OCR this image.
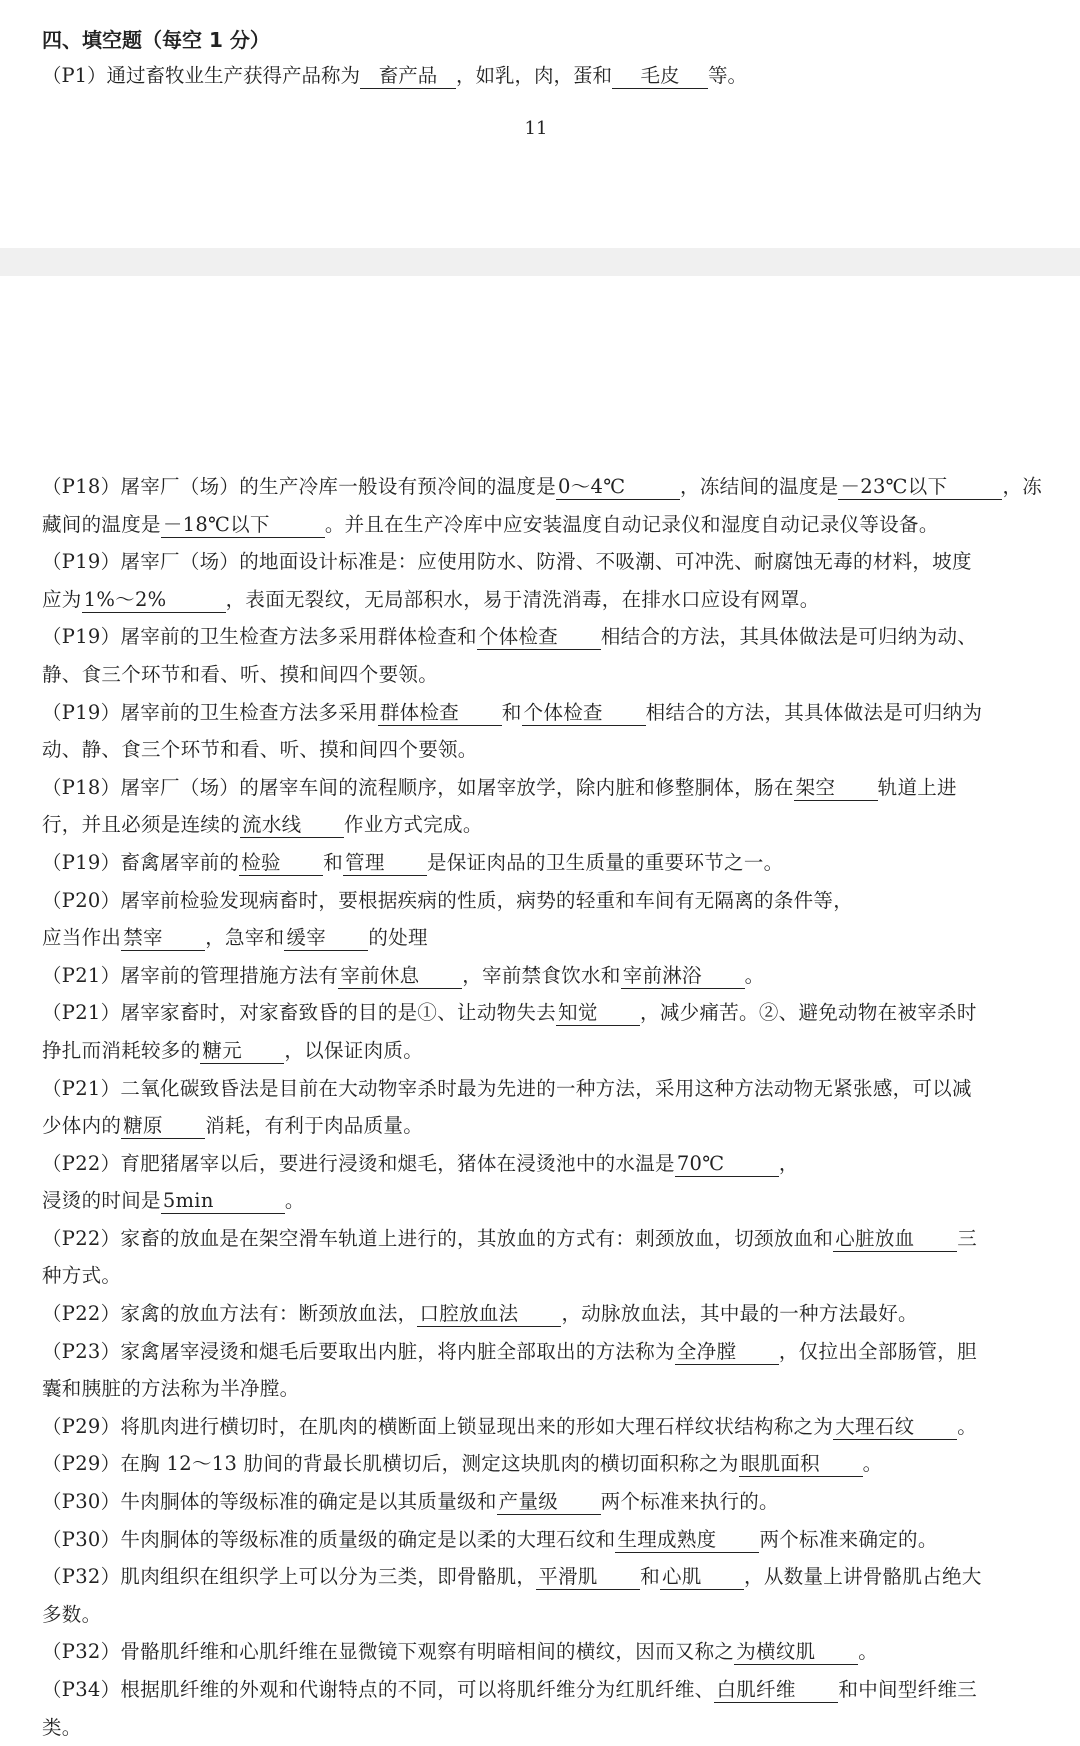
四、填空题（每空 1 分）
（P1）通过畜牧业生产获得产品称为 畜产品 ，如乳，肉，蛋和 毛皮 等。
11
（P18）屠宰厂（场）的生产冷库一般设有预冷间的温度是 0～4℃	，冻结间的温度是 －23℃以下	，冻
藏间的温度是 －18℃以下	。并且在生产冷库中应安装温度自动记录仪和湿度自动记录仪等设备。
（P19）屠宰厂（场）的地面设计标准是：应使用防水、防滑、不吸潮、可冲洗、耐腐蚀无毒的材料，坡度
应为 1%～2%	，表面无裂纹，无局部积水，易于清洗消毒，在排水口应设有网罩。
（P19）屠宰前的卫生检查方法多采用群体检查和 个体检查 相结合的方法，其具体做法是可归纳为动、
静、食三个环节和看、听、摸和间四个要领。
（P19）屠宰前的卫生检查方法多采用 群体检查 和 个体检查 相结合的方法，其具体做法是可归纳为
动、静、食三个环节和看、听、摸和间四个要领。
（P18）屠宰厂（场）的屠宰车间的流程顺序，如屠宰放学，除内脏和修整胴体，肠在 架空 轨道上进
行，并且必须是连续的 流水线 作业方式完成。
（P19）畜禽屠宰前的 检验 和 管理 是保证肉品的卫生质量的重要环节之一。
（P20）屠宰前检验发现病畜时，要根据疾病的性质，病势的轻重和车间有无隔离的条件等，
应当作出 禁宰 ，急宰和 缓宰 的处理
（P21）屠宰前的管理措施方法有 宰前休息 ，宰前禁食饮水和 宰前淋浴 。
（P21）屠宰家畜时，对家畜致昏的目的是①、让动物失去 知觉 ，减少痛苦。②、避免动物在被宰杀时
挣扎而消耗较多的 糖元 ，以保证肉质。
（P21）二氧化碳致昏法是目前在大动物宰杀时最为先进的一种方法，采用这种方法动物无紧张感，可以减
少体内的 糖原 消耗，有利于肉品质量。
（P22）育肥猪屠宰以后，要进行浸烫和煺毛，猪体在浸烫池中的水温是 70℃	，
浸烫的时间是 5min	。
（P22）家畜的放血是在架空滑车轨道上进行的，其放血的方式有：刺颈放血，切颈放血和 心脏放血 三
种方式。
（P22）家禽的放血方法有：断颈放血法， 口腔放血法 ，动脉放血法，其中最的一种方法最好。
（P23）家禽屠宰浸烫和煺毛后要取出内脏，将内脏全部取出的方法称为 全净膛 ，仅拉出全部肠管，胆
囊和胰脏的方法称为半净膛。
（P29）将肌肉进行横切时，在肌肉的横断面上锁显现出来的形如大理石样纹状结构称之为 大理石纹 。
（P29）在胸 12～13 肋间的背最长肌横切后，测定这块肌肉的横切面积称之为 眼肌面积 。
（P30）牛肉胴体的等级标准的确定是以其质量级和 产量级 两个标准来执行的。
（P30）牛肉胴体的等级标准的质量级的确定是以柔的大理石纹和 生理成熟度 两个标准来确定的。
（P32）肌肉组织在组织学上可以分为三类，即骨骼肌， 平滑肌 和 心肌 ，从数量上讲骨骼肌占绝大
多数。
（P32）骨骼肌纤维和心肌纤维在显微镜下观察有明暗相间的横纹，因而又称之 为横纹肌 。
（P34）根据肌纤维的外观和代谢特点的不同，可以将肌纤维分为红肌纤维、 白肌纤维 和中间型纤维三
类。
